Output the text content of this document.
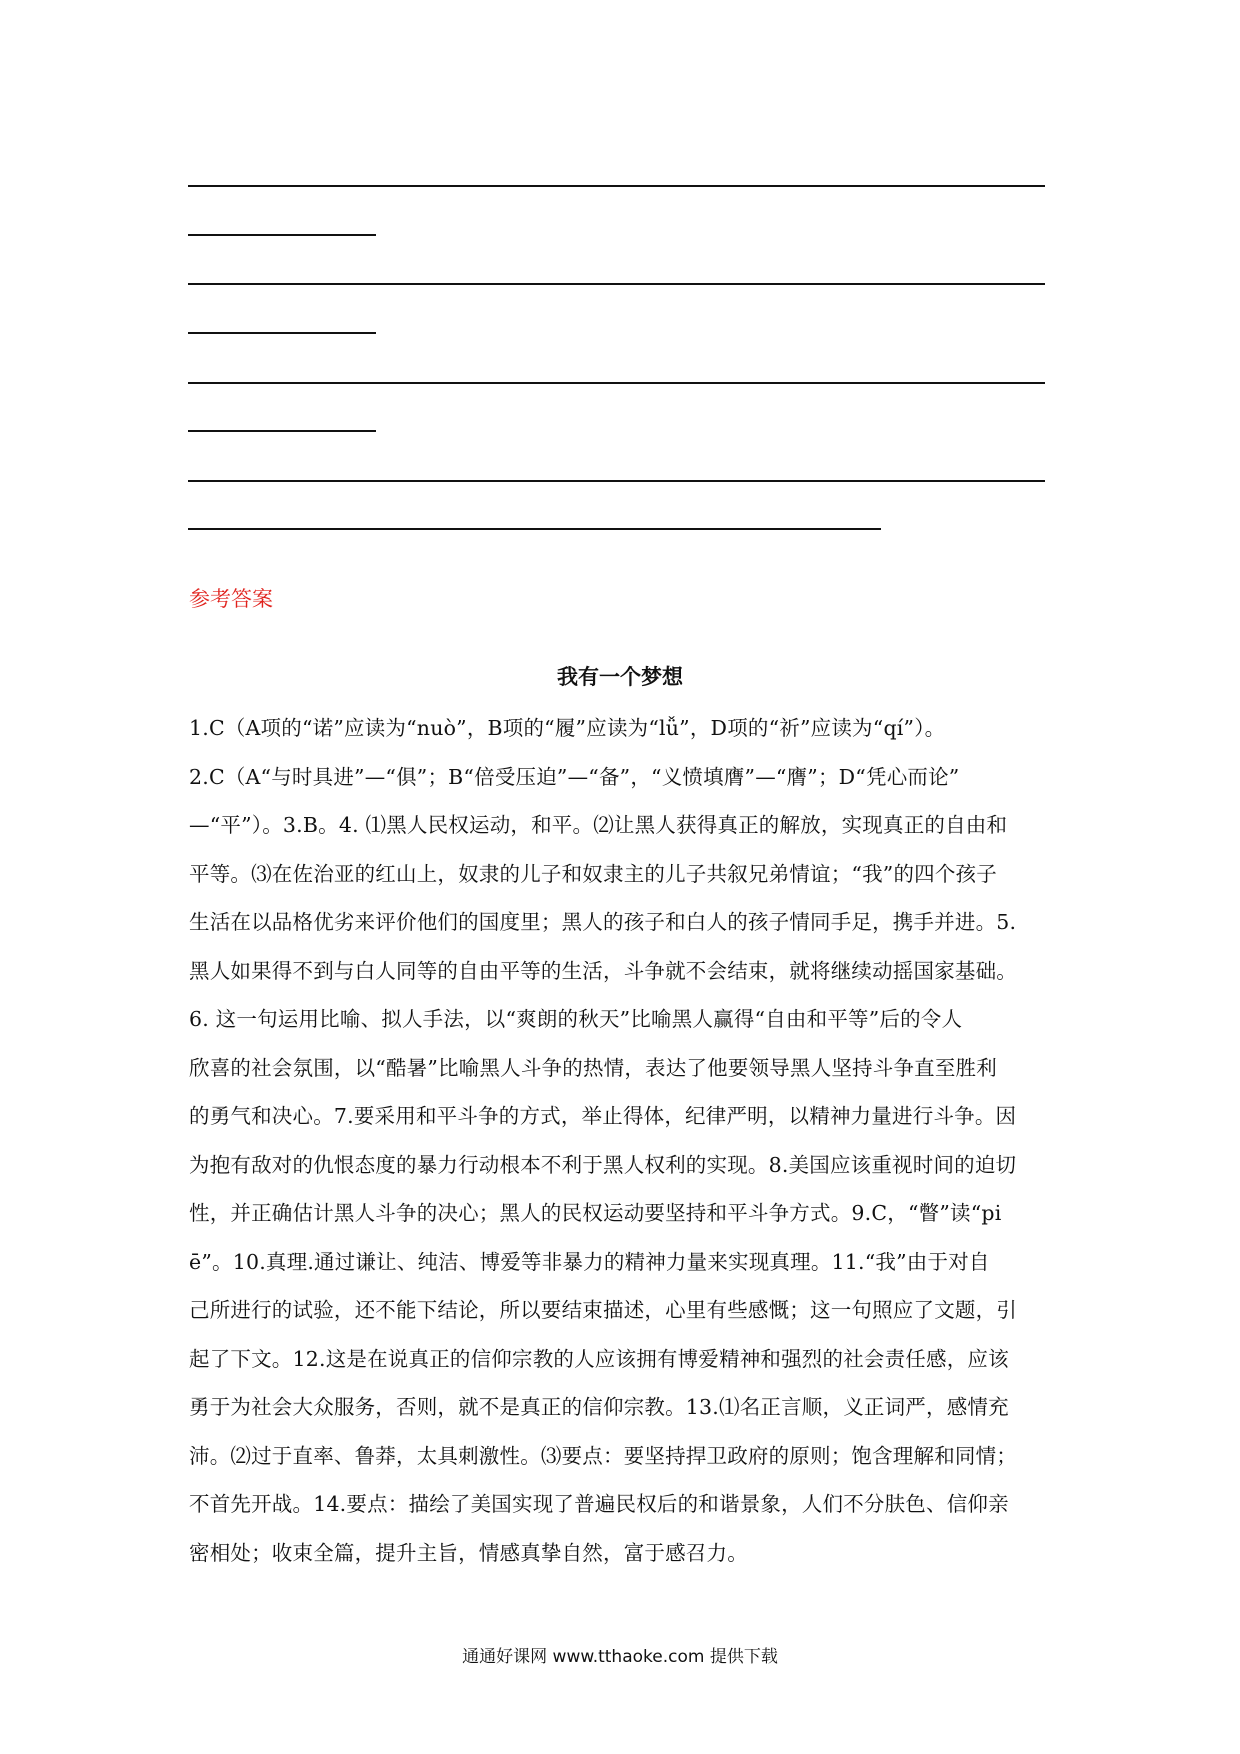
参考答案
我有一个梦想
1.C（A项的“诺”应读为“nuò”，B项的“履”应读为“lǚ”，D项的“祈”应读为“qí”）。
2.C（A“与时具进”—“俱”；B“倍受压迫”—“备”，“义愤填膺”—“膺”；D“凭心而论”
—“平”）。3.B。4. ⑴黑人民权运动，和平。⑵让黑人获得真正的解放，实现真正的自由和
平等。⑶在佐治亚的红山上，奴隶的儿子和奴隶主的儿子共叙兄弟情谊；“我”的四个孩子
生活在以品格优劣来评价他们的国度里；黑人的孩子和白人的孩子情同手足，携手并进。5.
黑人如果得不到与白人同等的自由平等的生活，斗争就不会结束，就将继续动摇国家基础。
6. 这一句运用比喻、拟人手法，以“爽朗的秋天”比喻黑人赢得“自由和平等”后的令人
欣喜的社会氛围，以“酷暑”比喻黑人斗争的热情，表达了他要领导黑人坚持斗争直至胜利
的勇气和决心。7.要采用和平斗争的方式，举止得体，纪律严明，以精神力量进行斗争。因
为抱有敌对的仇恨态度的暴力行动根本不利于黑人权利的实现。8.美国应该重视时间的迫切
性，并正确估计黑人斗争的决心；黑人的民权运动要坚持和平斗争方式。9.C，“瞥”读“pi
ē”。10.真理.通过谦让、纯洁、博爱等非暴力的精神力量来实现真理。11.“我”由于对自
己所进行的试验，还不能下结论，所以要结束描述，心里有些感慨；这一句照应了文题，引
起了下文。12.这是在说真正的信仰宗教的人应该拥有博爱精神和强烈的社会责任感，应该
勇于为社会大众服务，否则，就不是真正的信仰宗教。13.⑴名正言顺，义正词严，感情充
沛。⑵过于直率、鲁莽，太具刺激性。⑶要点：要坚持捍卫政府的原则；饱含理解和同情；
不首先开战。14.要点：描绘了美国实现了普遍民权后的和谐景象，人们不分肤色、信仰亲
密相处；收束全篇，提升主旨，情感真挚自然，富于感召力。
通通好课网 www.tthaoke.com 提供下载
